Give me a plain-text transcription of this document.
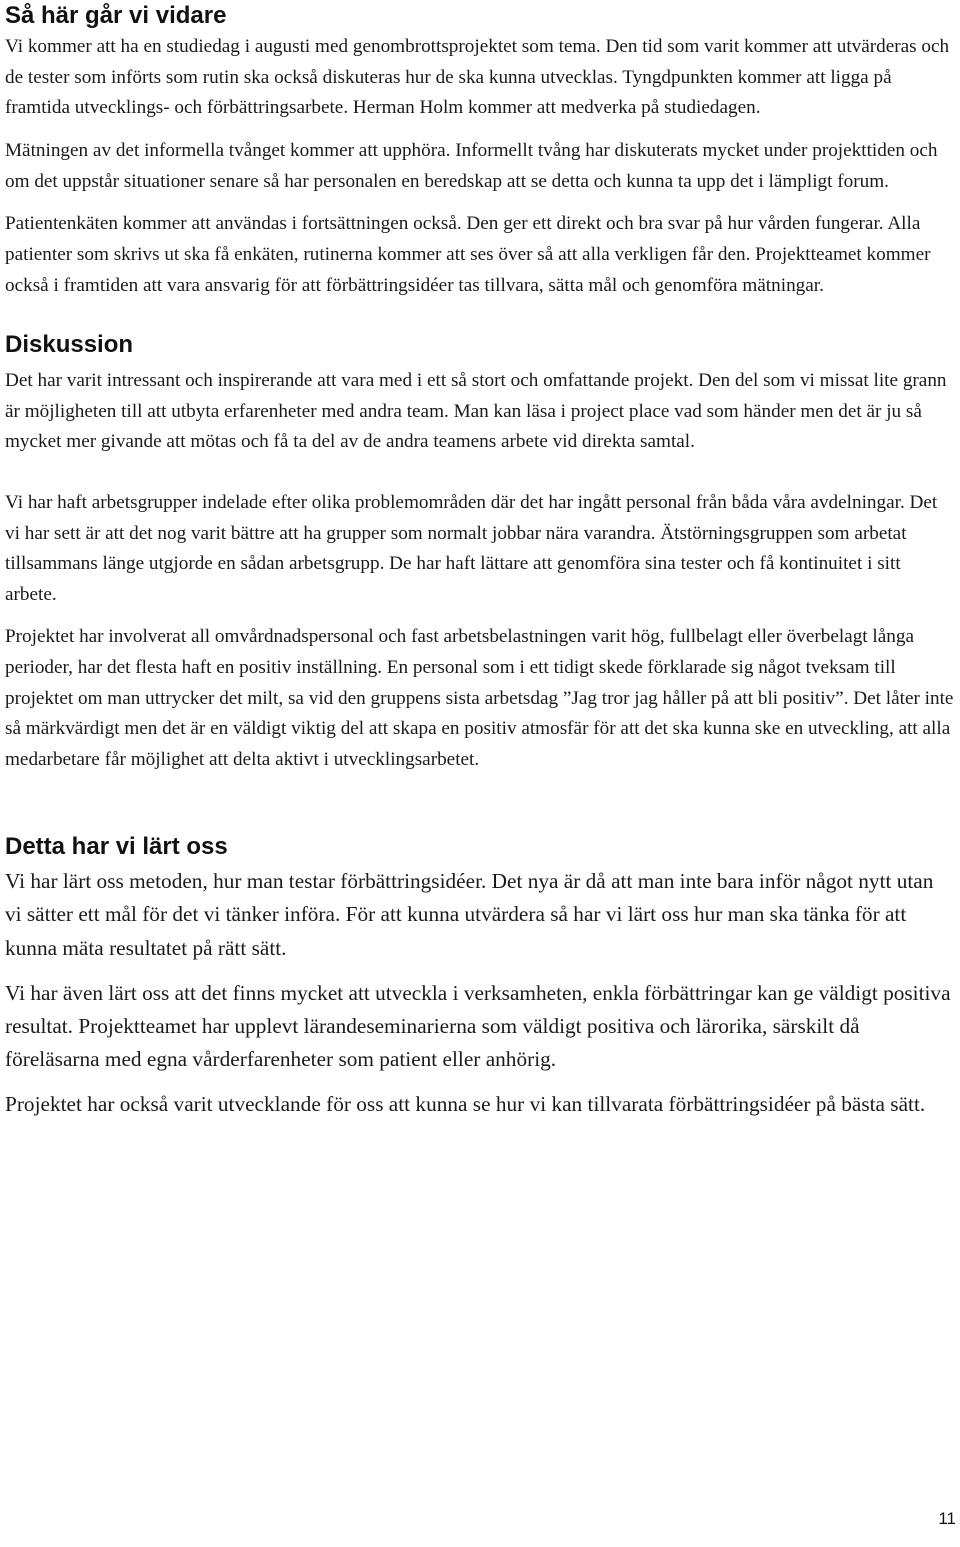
Så här går vi vidare

Vi kommer att ha en studiedag i augusti med genombrottsprojektet som tema. Den tid som varit kommer att utvärderas och de tester som införts som rutin ska också diskuteras hur de ska kunna utvecklas. Tyngdpunkten kommer att ligga på framtida utvecklings- och förbättringsarbete. Herman Holm kommer att medverka på studiedagen.

Mätningen av det informella tvånget kommer att upphöra. Informellt tvång har diskuterats mycket under projekttiden och om det uppstår situationer senare så har personalen en beredskap att se detta och kunna ta upp det i lämpligt forum.

Patientenkäten kommer att användas i fortsättningen också. Den ger ett direkt och bra svar på hur vården fungerar. Alla patienter som skrivs ut ska få enkäten, rutinerna kommer att ses över så att alla verkligen får den. Projektteamet kommer också i framtiden att vara ansvarig för att förbättringsidéer tas tillvara, sätta mål och genomföra mätningar.

Diskussion

Det har varit intressant och inspirerande att vara med i ett så stort och omfattande projekt. Den del som vi missat lite grann är möjligheten till att utbyta erfarenheter med andra team. Man kan läsa i project place vad som händer men det är ju så mycket mer givande att mötas och få ta del av de andra teamens arbete vid direkta samtal.

Vi har haft arbetsgrupper indelade efter olika problemområden där det har ingått personal från båda våra avdelningar. Det vi har sett är att det nog varit bättre att ha grupper som normalt jobbar nära varandra. Ätstörningsgruppen som arbetat tillsammans länge utgjorde en sådan arbetsgrupp. De har haft lättare att genomföra sina tester och få kontinuitet i sitt arbete.

Projektet har involverat all omvårdnadspersonal och fast arbetsbelastningen varit hög, fullbelagt eller överbelagt långa perioder, har det flesta haft en positiv inställning. En personal som i ett tidigt skede förklarade sig något tveksam till projektet om man uttrycker det milt, sa vid den gruppens sista arbetsdag ”Jag tror jag håller på att bli positiv”. Det låter inte så märkvärdigt men det är en väldigt viktig del att skapa en positiv atmosfär för att det ska kunna ske en utveckling, att alla medarbetare får möjlighet att delta aktivt i utvecklingsarbetet.

Detta har vi lärt oss

Vi har lärt oss metoden, hur man testar förbättringsidéer. Det nya är då att man inte bara inför något nytt utan vi sätter ett mål för det vi tänker införa. För att kunna utvärdera så har vi lärt oss hur man ska tänka för att kunna mäta resultatet på rätt sätt.

Vi har även lärt oss att det finns mycket att utveckla i verksamheten, enkla förbättringar kan ge väldigt positiva resultat. Projektteamet har upplevt lärandeseminarierna som väldigt positiva och lärorika, särskilt då föreläsarna med egna vårderfarenheter som patient eller anhörig.

Projektet har också varit utvecklande för oss att kunna se hur vi kan tillvarata förbättringsidéer på bästa sätt.

11
